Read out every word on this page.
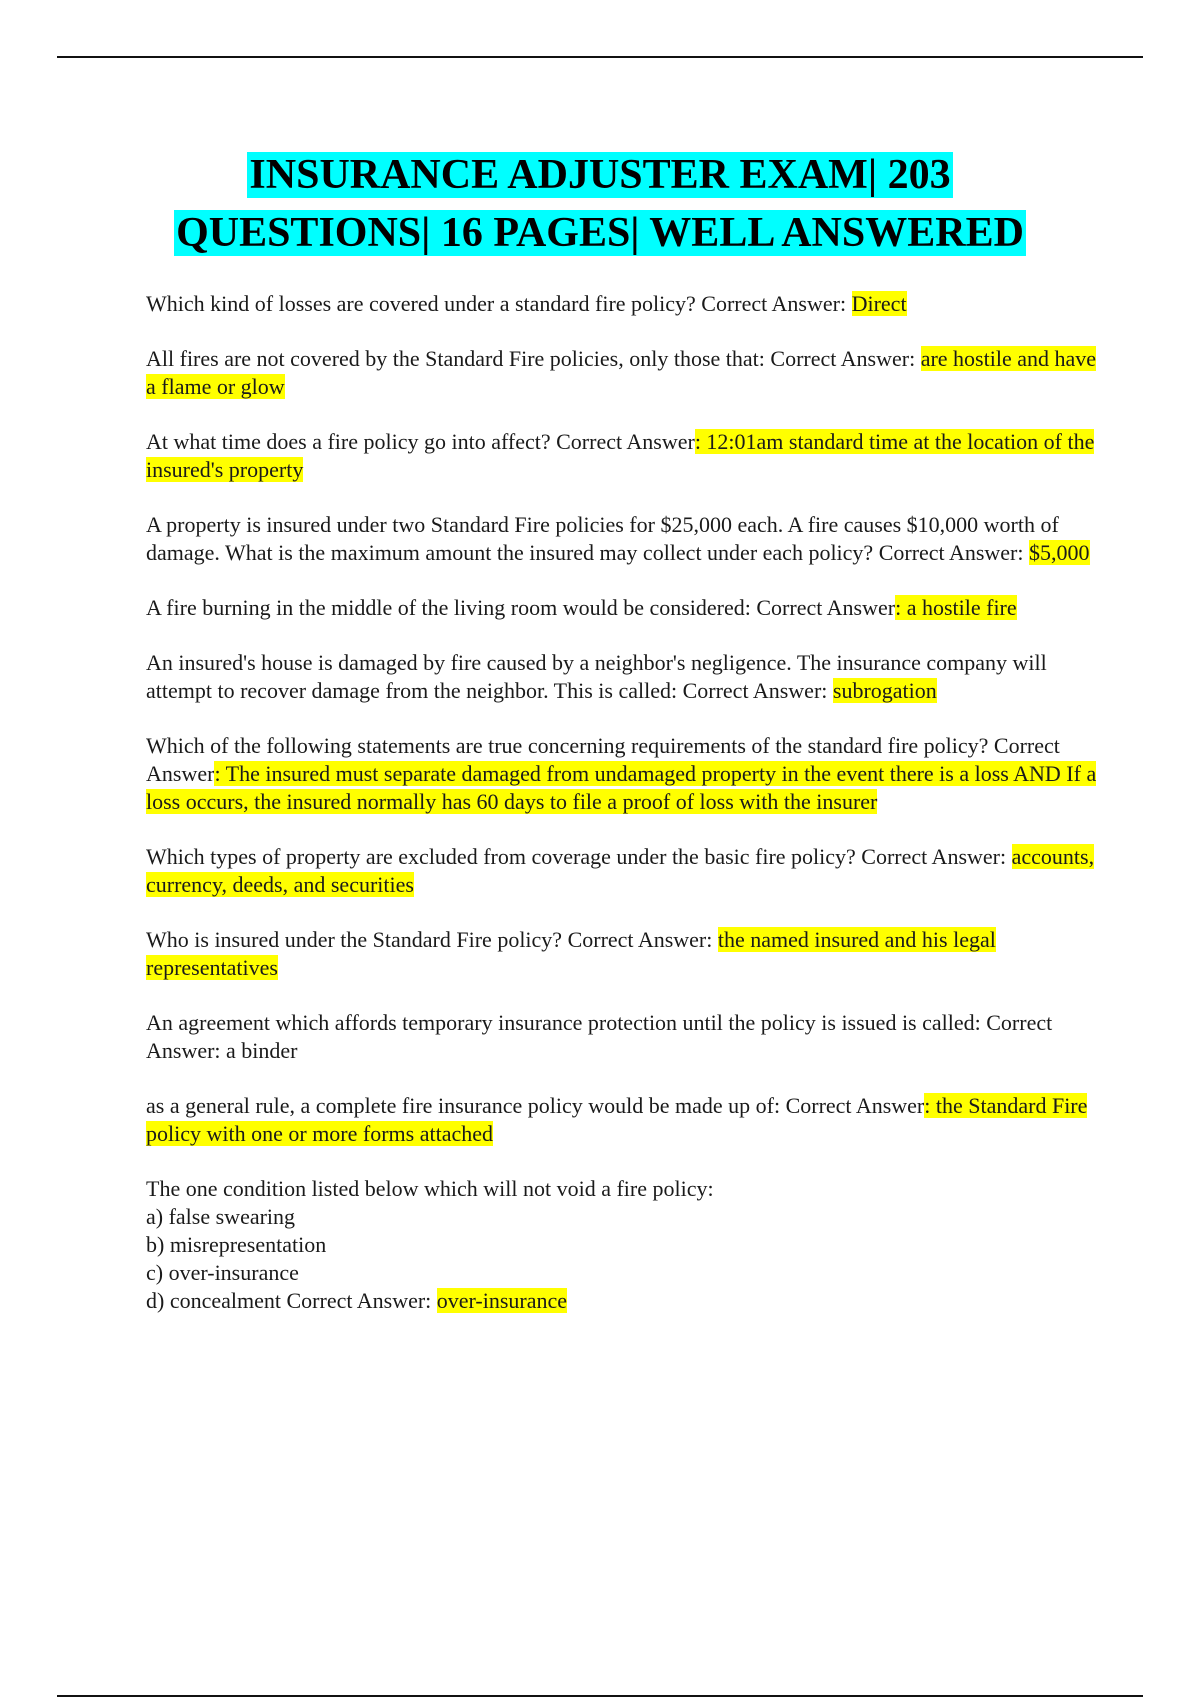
INSURANCE ADJUSTER EXAM| 203
QUESTIONS| 16 PAGES| WELL ANSWERED

Which kind of losses are covered under a standard fire policy? Correct Answer: Direct

All fires are not covered by the Standard Fire policies, only those that: Correct Answer: are hostile and have a flame or glow

At what time does a fire policy go into affect? Correct Answer: 12:01am standard time at the location of the insured's property

A property is insured under two Standard Fire policies for $25,000 each. A fire causes $10,000 worth of damage. What is the maximum amount the insured may collect under each policy? Correct Answer: $5,000

A fire burning in the middle of the living room would be considered: Correct Answer: a hostile fire

An insured's house is damaged by fire caused by a neighbor's negligence. The insurance company will attempt to recover damage from the neighbor. This is called: Correct Answer: subrogation

Which of the following statements are true concerning requirements of the standard fire policy? Correct Answer: The insured must separate damaged from undamaged property in the event there is a loss AND If a loss occurs, the insured normally has 60 days to file a proof of loss with the insurer

Which types of property are excluded from coverage under the basic fire policy? Correct Answer: accounts, currency, deeds, and securities

Who is insured under the Standard Fire policy? Correct Answer: the named insured and his legal representatives

An agreement which affords temporary insurance protection until the policy is issued is called: Correct Answer: a binder

as a general rule, a complete fire insurance policy would be made up of: Correct Answer: the Standard Fire policy with one or more forms attached

The one condition listed below which will not void a fire policy:
a) false swearing
b) misrepresentation
c) over-insurance
d) concealment Correct Answer: over-insurance
